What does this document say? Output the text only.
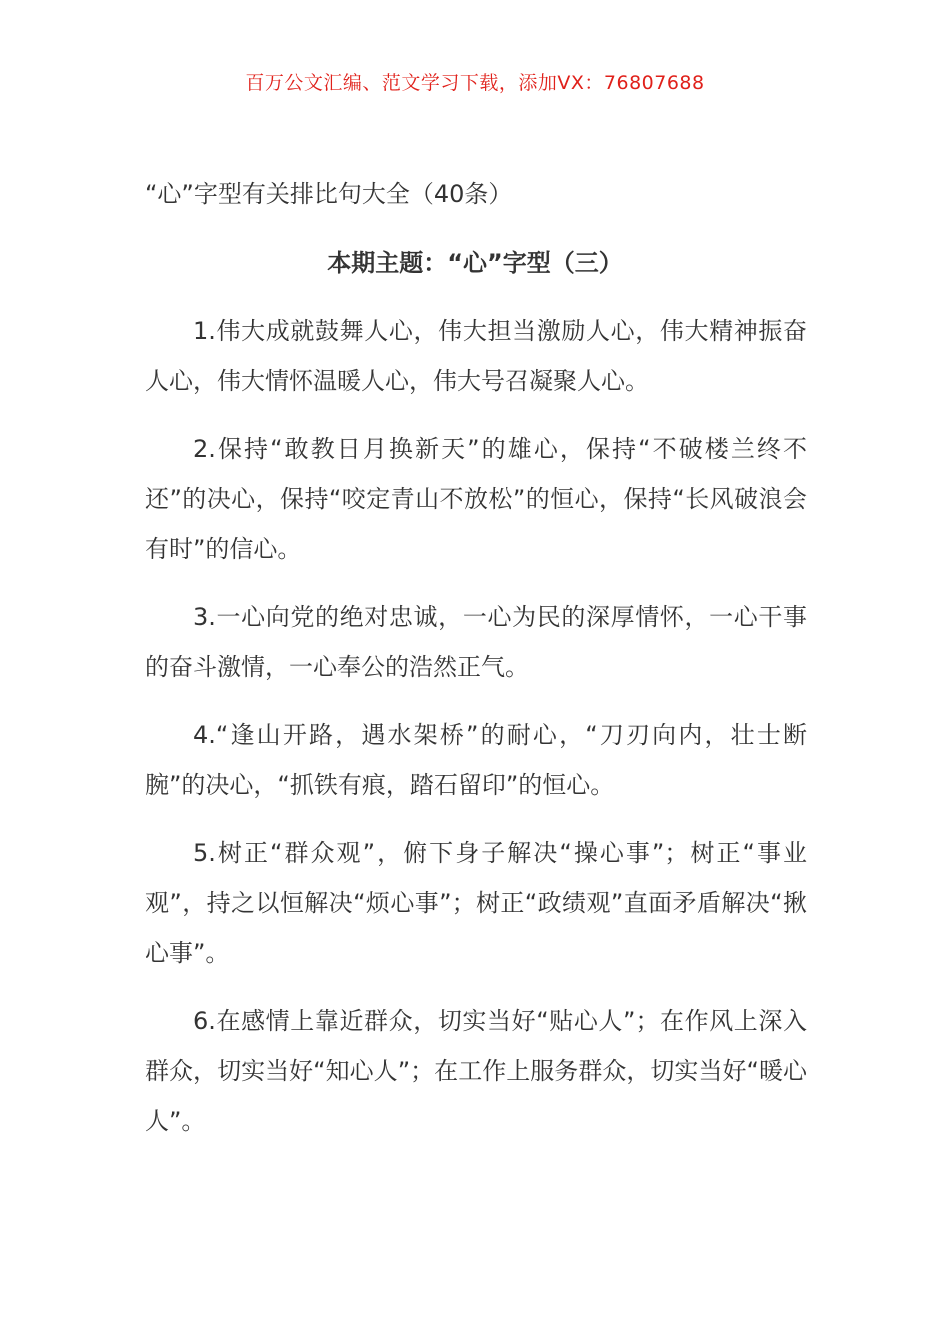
百万公文汇编、范文学习下载，添加VX：76807688
“心”字型有关排比句大全（40条）
本期主题：“心”字型（三）

1.伟大成就鼓舞人心，伟大担当激励人心，伟大精神振奋人心，伟大情怀温暖人心，伟大号召凝聚人心。

2.保持“敢教日月换新天”的雄心，保持“不破楼兰终不还”的决心，保持“咬定青山不放松”的恒心，保持“长风破浪会有时”的信心。

3.一心向党的绝对忠诚，一心为民的深厚情怀，一心干事的奋斗激情，一心奉公的浩然正气。

4.“逢山开路，遇水架桥”的耐心，“刀刃向内，壮士断腕”的决心，“抓铁有痕，踏石留印”的恒心。

5.树正“群众观”，俯下身子解决“操心事”；树正“事业观”，持之以恒解决“烦心事”；树正“政绩观”直面矛盾解决“揪心事”。

6.在感情上靠近群众，切实当好“贴心人”；在作风上深入群众，切实当好“知心人”；在工作上服务群众，切实当好“暖心人”。
